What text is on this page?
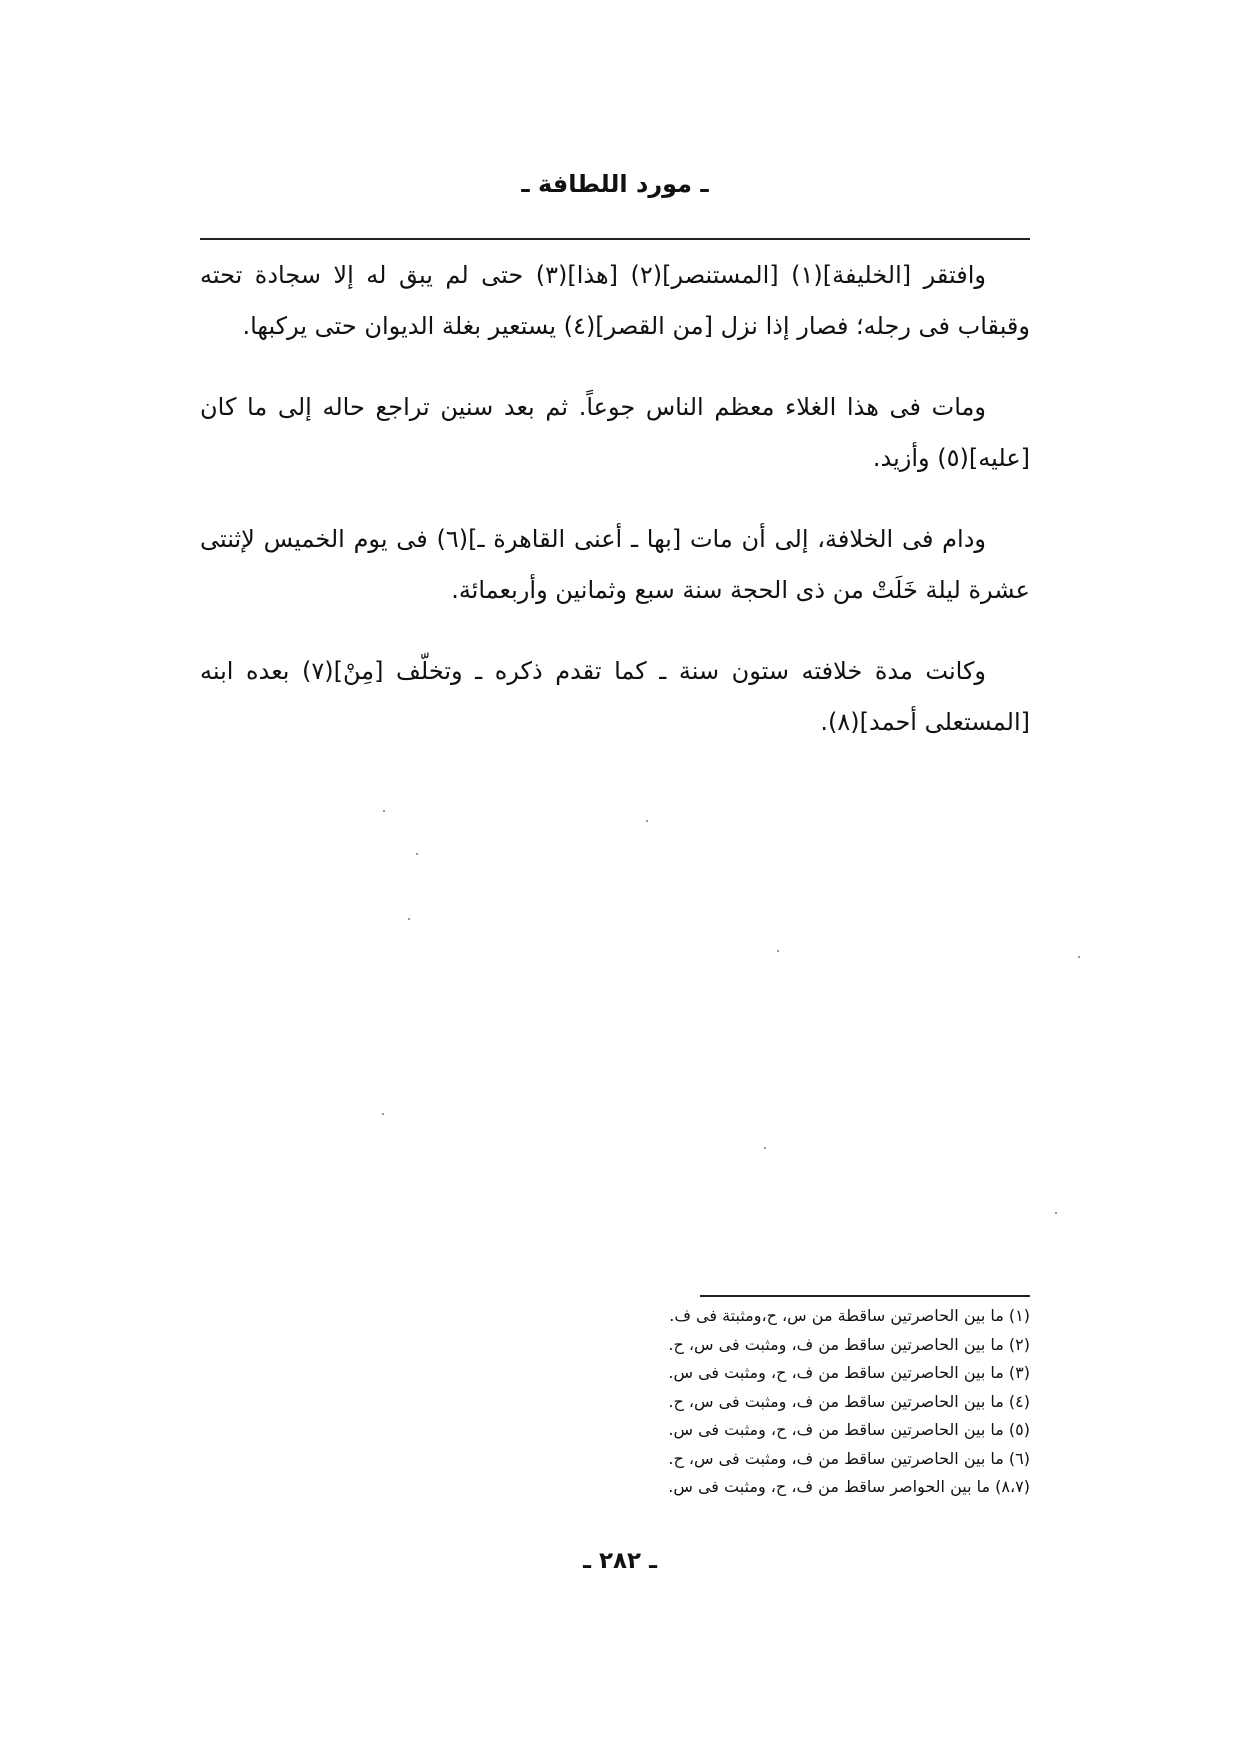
ـ مورد اللطافة ـ

وافتقر [الخليفة](١) [المستنصر](٢) [هذا](٣) حتى لم يبق له إلا سجادة تحته وقبقاب فى رجله؛ فصار إذا نزل [من القصر](٤) يستعير بغلة الديوان حتى يركبها.

ومات فى هذا الغلاء معظم الناس جوعاً. ثم بعد سنين تراجع حاله إلى ما كان [عليه](٥) وأزيد.

ودام فى الخلافة، إلى أن مات [بها ـ أعنى القاهرة ـ](٦) فى يوم الخميس لإثنتى عشرة ليلة خَلَتْ من ذى الحجة سنة سبع وثمانين وأربعمائة.

وكانت مدة خلافته ستون سنة ـ كما تقدم ذكره ـ وتخلّف [مِنْ](٧) بعده ابنه [المستعلى أحمد](٨).

(١) ما بين الحاصرتين ساقطة من س، ح،ومثبتة فى ف.
(٢) ما بين الحاصرتين ساقط من ف، ومثبت فى س، ح.
(٣) ما بين الحاصرتين ساقط من ف، ح، ومثبت فى س.
(٤) ما بين الحاصرتين ساقط من ف، ومثبت فى س، ح.
(٥) ما بين الحاصرتين ساقط من ف، ح، ومثبت فى س.
(٦) ما بين الحاصرتين ساقط من ف، ومثبت فى س، ح.
(٨،٧) ما بين الحواصر ساقط من ف، ح، ومثبت فى س.
ـ ٢٨٢ ـ
